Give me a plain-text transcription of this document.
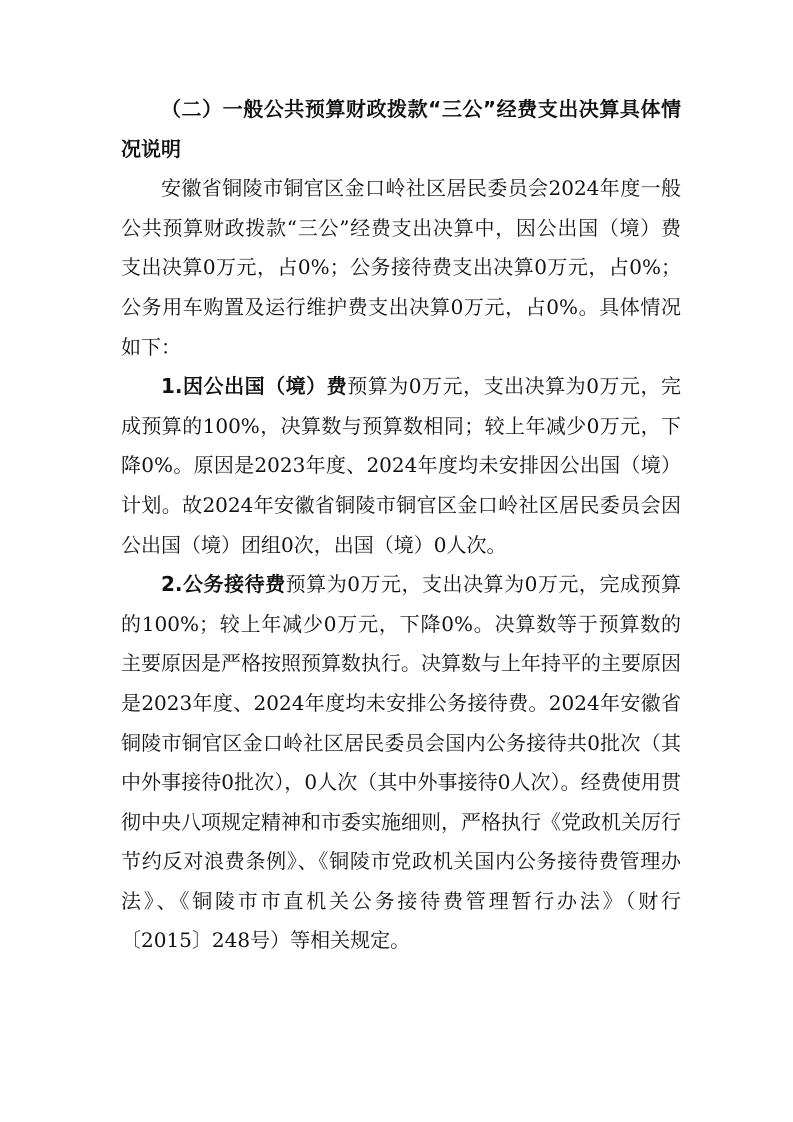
（二）一般公共预算财政拨款“三公”经费支出决算具体情况说明

安徽省铜陵市铜官区金口岭社区居民委员会2024年度一般公共预算财政拨款“三公”经费支出决算中，因公出国（境）费支出决算0万元，占0%；公务接待费支出决算0万元，占0%；公务用车购置及运行维护费支出决算0万元，占0%。具体情况如下：

1.因公出国（境）费预算为0万元，支出决算为0万元，完成预算的100%，决算数与预算数相同；较上年减少0万元，下降0%。原因是2023年度、2024年度均未安排因公出国（境）计划。故2024年安徽省铜陵市铜官区金口岭社区居民委员会因公出国（境）团组0次，出国（境）0人次。

2.公务接待费预算为0万元，支出决算为0万元，完成预算的100%；较上年减少0万元，下降0%。决算数等于预算数的主要原因是严格按照预算数执行。决算数与上年持平的主要原因是2023年度、2024年度均未安排公务接待费。2024年安徽省铜陵市铜官区金口岭社区居民委员会国内公务接待共0批次（其中外事接待0批次），0人次（其中外事接待0人次）。经费使用贯彻中央八项规定精神和市委实施细则，严格执行《党政机关厉行节约反对浪费条例》、《铜陵市党政机关国内公务接待费管理办法》、《铜陵市市直机关公务接待费管理暂行办法》（财行〔2015〕248号）等相关规定。
